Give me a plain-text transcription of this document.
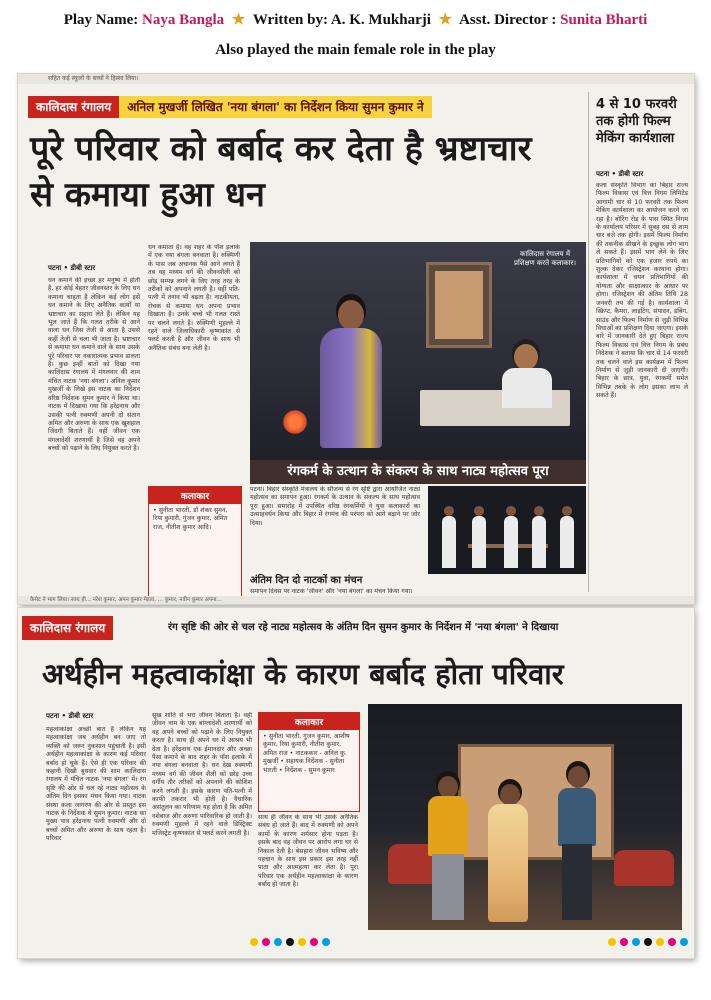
Play Name: Naya Bangla ★ Written by: A. K. Mukharji ★ Asst. Director : Sunita Bharti
Also played the main female role in the play
सहित कई स्कूलों के बच्चों ने हिस्सा लिया।
कालिदास रंगालय	अनिल मुखर्जी लिखित 'नया बंगला' का निर्देशन किया सुमन कुमार ने
पूरे परिवार को बर्बाद कर देता है भ्रष्टाचार से कमाया हुआ धन
पटना • डीबी स्टार
धन कमाने की इच्छा हर मनुष्य में होती है, हर कोई बेहतर जीवनस्तर के लिए धन कमाना चाहता है लेकिन कई लोग इसे धन कमाने के लिए अनैतिक कार्यों या भ्रष्टाचार का सहारा लेते हैं। लेकिन यह भूल जाते हैं कि गलत तरीके से आने वाला धन जिस तेजी से आता है उससे कहीं तेजी से चला भी जाता है। भ्रष्टाचार से कमाया धन कमाने वाले के साथ उसके पूरे परिवार पर नकारात्मक प्रभाव डालता है। कुछ इन्हीं बातों को दिखा गया कालिदास रंगालय में मंगलवार की शाम मंचित नाटक 'नया बंगला'। अनिल कुमार मुखर्जी के लिखे इस नाटक का निर्देशन वरिष्ठ निर्देशक सुमन कुमार ने किया था। नाटक में दिखाया गया कि हरेंद्रनाथ और उसकी पत्नी रुक्मणी अपनी दो संतान अमित और अरुणा के साथ एक खुशहाल जिंदगी बिताते हैं। वहीं जीवन एक मंगलादेशी शरणार्थी है जिसे वह अपने बच्चों को पढ़ाने के लिए नियुक्त करते हैं।
धन कमाता है। वह शहर के पॉश इलाके में एक नया बंगला बनवाता है। रुक्मिणी के पास जब अचानक पैसे आने लगते हैं तब वह मध्यम वर्ग की जीवनशैली को छोड़ सम्पन्न लगने के लिए तरह तरह के तरीकों को अपनाने लगती है। वहीं पति-पत्नी में तनाव भी बढ़ता है। नाटकीयता, रोचक से कमाया धन अपना प्रभाव दिखाता है। उनके बच्चे भी गलत रास्ते पर चलने लगते हैं। रुक्मिणी मुहल्ले में रहने वाले जिलाधिकारी कृष्णकांत से फ्लर्ट करती है और जीवन के साथ भी अनैतिक संबंध बना लेती है।
कलाकार
• सुनीता भारती, डॉ शंकर सुमन, रिया कुमारी, गुंजन कुमार, अमित राज, नीतीश कुमार आदि।
कालिदास रंगालय में प्रशिक्षण करते कलाकार।
रंगकर्म के उत्थान के संकल्प के साथ नाट्य महोत्सव पूरा
पटना। बिहार संस्कृति मंत्रालय के सौजन्य से रंग सृष्टि द्वारा आयोजित नाट्य महोत्सव का समापन हुआ। रंगकर्म के उत्थान के संकल्प के साथ महोत्सव पूरा हुआ। समारोह में उपस्थित वरिष्ठ रंगकर्मियों ने युवा कलाकारों का उत्साहवर्धन किया और बिहार में रंगमंच की परंपरा को आगे बढ़ाने पर जोर दिया।
अंतिम दिन दो नाटकों का मंचन
समापन दिवस पर नाटक 'जीवन' और 'नया बंगला' का मंचन किया गया।
4 से 10 फरवरी तक होगी फिल्म मेकिंग कार्यशाला
पटना • डीबी स्टार
कला संस्कृति विभाग का बिहार राज्य फिल्म विकास एवं वित्त निगम लिमिटेड आगामी चार से 10 फरवरी तक फिल्म मेकिंग कार्यशाला का आयोजन करने जा रहा है। बोरिंग रोड के पास स्थित निगम के कार्यालय परिसर में सुबह दस से शाम चार बजे तक होगी। इसमें फिल्म निर्माण की तकनीक सीखने के इच्छुक लोग भाग ले सकते हैं। इसमें भाग लेने के लिए प्रतिभागियों को एक हजार रुपये का शुल्क देकर रजिस्ट्रेशन करवाना होगा। कार्यशाला में चयन प्रतिभागियों की योग्यता और साक्षात्कार के आधार पर होगा। रजिस्ट्रेशन की अंतिम तिथि 28 जनवरी तय की गई है। कार्यशाला में स्क्रिप्ट, कैमरा, लाइटिंग, संपादन, डबिंग, साउंड और फिल्म निर्माण से जुड़ी विभिन्न विधाओं का प्रशिक्षण दिया जाएगा। इसके बारे में जानकारी देते हुए बिहार राज्य फिल्म विकास एवं वित्त निगम के प्रबंध निदेशक ने बताया कि चार से 14 फरवरी तक चलने वाले इस कार्यक्रम में फिल्म निर्माण से जुड़ी जानकारी दी जाएगी। बिहार के छात्र, युवा, रंगकर्मी समेत विभिन्न तबके के लोग इसका लाभ ले सकते हैं।
कैसेट ने भाग लिया। साथ ही... नरेश कुमार, अमन कुमार मेहता, ... कुमार, नवीन कुमार अपना...
कालिदास रंगालय	रंग सृष्टि की ओर से चल रहे नाट्य महोत्सव के अंतिम दिन सुमन कुमार के निर्देशन में 'नया बंगला' ने दिखाया
अर्थहीन महत्वाकांक्षा के कारण बर्बाद होता परिवार
पटना • डीबी स्टार
महत्वाकांक्षा अच्छी बात है लेकिन यह महत्वाकांक्षा जब अर्थहीन बन जाए तो व्यक्ति को जरूर नुकसान पहुंचाती है। इसी अर्थहीन महत्वाकांक्षा के कारण कई परिवार बर्बाद हो चुके हैं। ऐसे ही एक परिवार की कहानी दिखी बुधवार की शाम कालिदास रंगालय में मंचित नाटक 'नया बंगला' में। रंग सृष्टि की ओर से चल रहे नाट्य महोत्सव के अंतिम दिन इसका मंचन किया गया। नाटक संस्था कला जागरण की ओर से प्रस्तुत इस नाटक के निर्देशक थे सुमन कुमार। नाटक का मुख्य पात्र हरेंद्रनाथ पत्नी रुक्मणी और दो बच्चों अमित और अरुणा के साथ रहता है। परिवार
सुख शांति से भरा जीवन बिताता है। वहीं जीवन नाम के एक बांग्लादेशी शरणार्थी को वह अपने बच्चों को पढ़ाने के लिए नियुक्त करता है। साथ ही अपने घर में आश्रय भी देता है। हरेंद्रनाथ एक ईमानदार और अच्छा पैसा कमाने के बाद शहर के पॉश इलाके में नया बंगला बनवाता है। धन देख रुक्मणी मध्यम वर्ग की जीवन शैली को छोड़ उच्च वर्गीय तौर तरीकों को अपनाने की कोशिश करने लगती है। इसके कारण पति-पत्नी में काफी तकरार भी होती है। वैचारिक असंतुलन का परिणाम यह होता है कि अमित नशेबाज और अरुणा पारिवारिक हो जाती है। रुक्मणी मुहल्ले में रहने वाले डिस्ट्रिक्ट मजिस्ट्रेट कृष्णकांत से फ्लर्ट करने लगती है।
कलाकार
• सुनीता भारती, गुंजन कुमार, आशीष कुमार, रिया कुमारी, नीतीश कुमार, अमित राज • नाटककार - अनिल कु. मुखर्जी • सहायक निर्देशक - सुनीता भारती • निर्देशक - सुमन कुमार
साथ ही जीवन के साथ भी उसके अनैतिक संबंध हो जाते हैं। बाद में रुक्मणी को अपने कामों के कारण शर्मसार होना पड़ता है। इसके बाद वह जीवन पर आरोप लगा घर से निकाल देती है। बेसहारा जीवन भविष्य और पहचान के साथ इस प्रकार इस तरह नहीं पाता और आत्महत्या कर लेता है। पूरा परिवार एक अर्थहीन महत्वाकांक्षा के कारण बर्बाद हो जाता है।
